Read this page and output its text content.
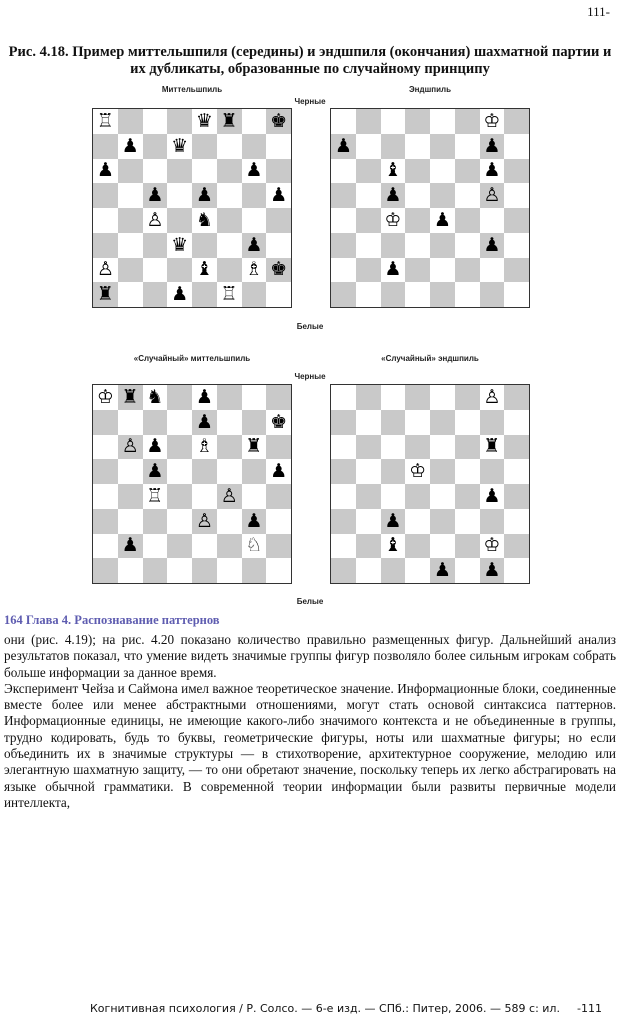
111-
Рис. 4.18. Пример миттельшпиля (середины) и эндшпиля (окончания) шахматной партии и их дубликаты, образованные по случайному принципу
Миттельшпиль	Эндшпиль
Черные
Белые
«Случайный» миттельшпиль	«Случайный» эндшпиль
Черные
Белые
♖	♛ ♜ ♚
♟ ♛
♟	♟
♟ ♟	♟
♙ ♞
♛	♟
♙	♝ ♗ ♚
♜	♟ ♖
♔
♟	♟
♝	♟
♟	♙
♔ ♟
♟
♟
♔ ♜ ♞ ♟
♟	♚
♙ ♟ ♗ ♜
♟	♟
♖	♙
♙ ♟
♟	♘
♙
♜
♔
♟
♟
♝	♔
♟ ♟
164 Глава 4. Распознавание паттернов

они (рис. 4.19); на рис. 4.20 показано количество правильно размещенных фигур. Дальнейший анализ результатов показал, что умение видеть значимые группы фигур позволяло более сильным игрокам собрать больше информации за данное время.

Эксперимент Чейза и Саймона имел важное теоретическое значение. Информационные блоки, соединенные вместе более или менее абстрактными отношениями, могут стать основой синтаксиса паттернов. Информационные единицы, не имеющие какого-либо значимого контекста и не объединенные в группы, трудно кодировать, будь то буквы, геометрические фигуры, ноты или шахматные фигуры; но если объединить их в значимые структуры — в стихотворение, архитектурное сооружение, мелодию или элегантную шахматную защиту, — то они обретают значение, поскольку теперь их легко абстрагировать на языке обычной грамматики. В современной теории информации были развиты первичные модели интеллекта,

Когнитивная психология / Р. Солсо. — 6-е изд. — СПб.: Питер, 2006. — 589 с: ил. -111
